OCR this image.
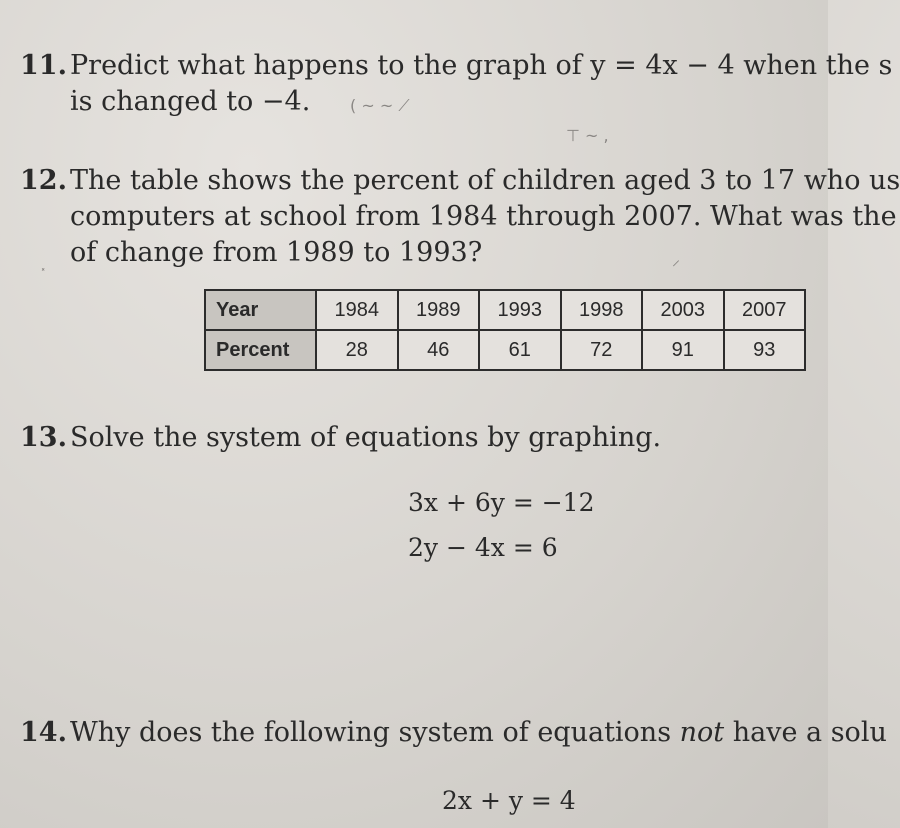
11. Predict what happens to the graph of y = 4x − 4 when the s
is changed to −4.	( ~ ~ ⟋
⊤ ~ ,
⸼	⸝
12. The table shows the percent of children aged 3 to 17 who us
computers at school from 1984 through 2007. What was the
of change from 1989 to 1993?
Year	1984	1989	1993	1998	2003	2007
Percent	28	46	61	72	91	93
13. Solve the system of equations by graphing.
3x + 6y = −12
2y − 4x = 6
14. Why does the following system of equations not have a solu
2x + y = 4
